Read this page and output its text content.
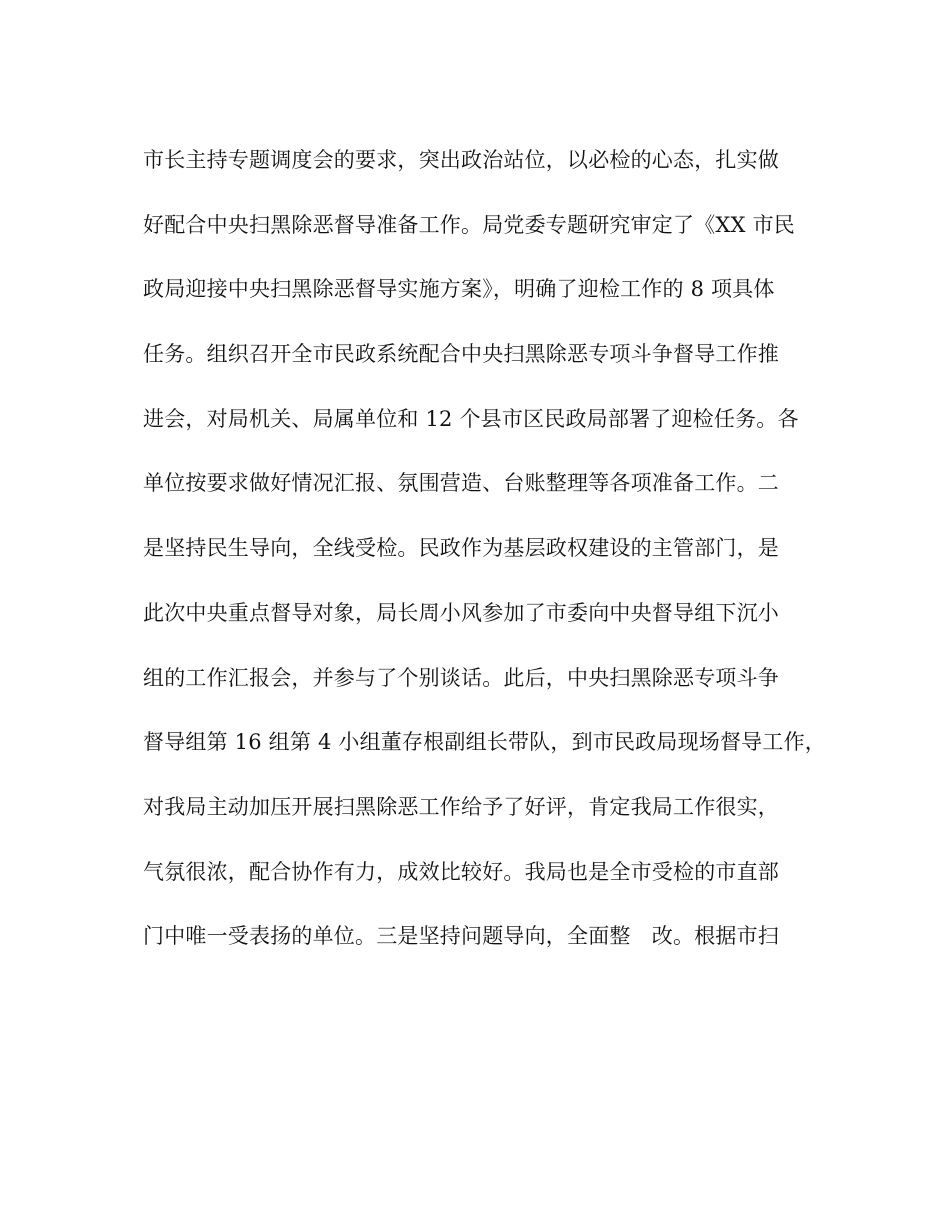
市长主持专题调度会的要求，突出政治站位，以必检的心态，扎实做
好配合中央扫黑除恶督导准备工作。局党委专题研究审定了《XX 市民
政局迎接中央扫黑除恶督导实施方案》，明确了迎检工作的 8 项具体
任务。组织召开全市民政系统配合中央扫黑除恶专项斗争督导工作推
进会，对局机关、局属单位和 12 个县市区民政局部署了迎检任务。各
单位按要求做好情况汇报、氛围营造、台账整理等各项准备工作。二
是坚持民生导向，全线受检。民政作为基层政权建设的主管部门，是
此次中央重点督导对象，局长周小风参加了市委向中央督导组下沉小
组的工作汇报会，并参与了个别谈话。此后，中央扫黑除恶专项斗争
督导组第 16 组第 4 小组董存根副组长带队，到市民政局现场督导工作，
对我局主动加压开展扫黑除恶工作给予了好评，肯定我局工作很实，
气氛很浓，配合协作有力，成效比较好。我局也是全市受检的市直部
门中唯一受表扬的单位。三是坚持问题导向，全面整　改。根据市扫
